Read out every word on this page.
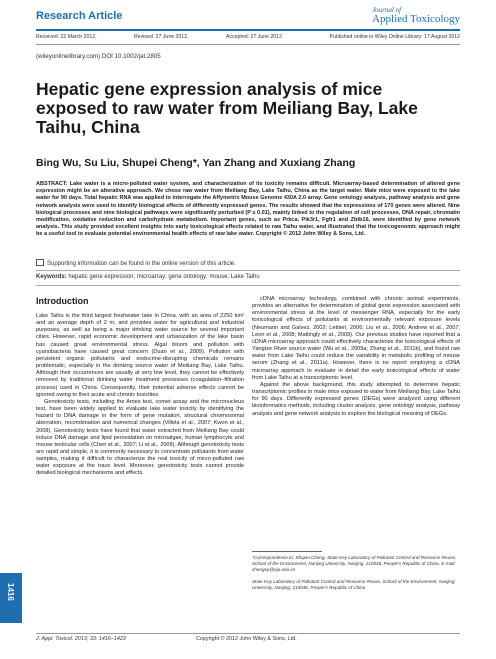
Research Article	Journal of
Applied Toxicology
Received: 22 March 2012,	Revised: 27 June 2012,	Accepted: 27 June 2012	Published online in Wiley Online Library: 17 August 2012
(wileyonlinelibrary.com) DOI 10.1002/jat.2805
Hepatic gene expression analysis of mice exposed to raw water from Meiliang Bay, Lake Taihu, China
Bing Wu, Su Liu, Shupei Cheng*, Yan Zhang and Xuxiang Zhang
ABSTRACT: Lake water is a micro-polluted water system, and characterization of its toxicity remains difficult. Microarray-based determination of altered gene expression might be an alterative approach. We chose raw water from Meiliang Bay, Lake Taihu, China as the target water. Male mice were exposed to the lake water for 90 days. Total hepatic RNA was applied to interrogate the Affymetrix Mouse Genome 430A 2.0 array. Gene ontology analysis, pathway analysis and gene network analysis were used to identify biological effects of differently expressed genes. The results showed that the expressions of 170 genes were altered. Nine biological processes and nine biological pathways were significantly perturbed (P ≤ 0.01), mainly linked to the regulation of cell processes, DNA repair, chromatin modification, oxidative reduction and carbohydrate metabolism. Important genes, such as Prkca, Pik3r1, Fgfr1 and Zbtb16, were identified by gene network analysis. This study provided excellent insights into early toxicological effects related to raw Taihu water, and illustrated that the toxicogenomic approach might be a useful tool to evaluate potential environmental health effects of raw lake water. Copyright © 2012 John Wiley & Sons, Ltd.
Supporting information can be found in the online version of this article.
Keywords: hepatic gene expression; microarray; gene ontology; mouse; Lake Taihu
Introduction

Lake Taihu is the third largest freshwater lake in China, with an area of 2250 km² and an average depth of 2 m, and provides water for agricultural and industrial purposes, as well as being a major drinking water source for several important cities. However, rapid economic development and urbanization of the lake basin has caused great environmental stress. Algal bloom and pollution with cyanobacteria have caused great concern (Duan et al., 2009). Pollution with persistent organic pollutants and endocrine-disrupting chemicals remains problematic, especially in the drinking source water of Meiliang Bay, Lake Taihu. Although their occurrences are usually at very low level, they cannot be effectively removed by traditional drinking water treatment processes (coagulation–filtration process) used in China. Consequently, their potential adverse effects cannot be ignored owing to their acute and chronic toxicities.

Genotoxicity tests, including the Ames test, comet assay and the micronucleus test, have been widely applied to evaluate lake water toxicity by identifying the hazard to DNA damage in the form of gene mutation, structural chromosomal aberration, recombination and numerical changes (Villela et al., 2007; Kwon et al., 2008). Genotoxicity tests have found that water extracted from Meiliang Bay could induce DNA damage and lipid peroxidation on microalgae, human lymphocyte and mouse testicular cells (Chen et al., 2007; Li et al., 2009). Although genotoxicity tests are rapid and simple, it is commonly necessary to concentrate pollutants from water samples, making it difficult to characterize the real toxicity of micro-polluted raw water exposure at the trace level. Moreover, genotoxicity tests cannot provide detailed biological mechanisms and effects.

cDNA microarray technology, combined with chronic animal experiments, provides an alternative for determination of global gene expression associated with environmental stress at the level of messenger RNA, especially for the early toxicological effects of pollutants at environmentally relevant exposure levels (Neumann and Galvez, 2002; Lettieri, 2006; Liu et al., 2006; Andrew et al., 2007; Leon et al., 2008; Mattingly et al., 2009). Our previous studies have reported that a cDNA microarray approach could effectively characterize the toxicological effects of Yangtze River source water (Wu et al., 2009a; Zhang et al., 2011b), and found raw water from Lake Taihu could reduce the variability in metabolic profiling of mouse serum (Zhang et al., 2011a). However, there is no report employing a cDNA microarray approach to evaluate in detail the early toxicological effects of water from Lake Taihu at a transcriptomic level.

Against the above background, this study attempted to determine hepatic transcriptomic profiles in male mice exposed to water from Meiliang Bay, Lake Taihu for 90 days. Differently expressed genes (DEGs) were analyzed using different bioinformatics methods, including cluster analysis, gene ontology analysis, pathway analysis and gene network analysis to explore the biological meaning of DEGs.

*Correspondence to: Shupei Cheng, State Key Laboratory of Pollutant Control and Resource Reuse, School of the Environment, Nanjing University, Nanjing, 210046, People's Republic of China. E-mail: chengsp@nju.edu.cn
State Key Laboratory of Pollutant Control and Resource Reuse, School of the Environment, Nanjing University, Nanjing, 210046, People's Republic of China
1416
J. Appl. Toxicol. 2013; 33: 1416–1423	Copyright © 2012 John Wiley & Sons, Ltd.
